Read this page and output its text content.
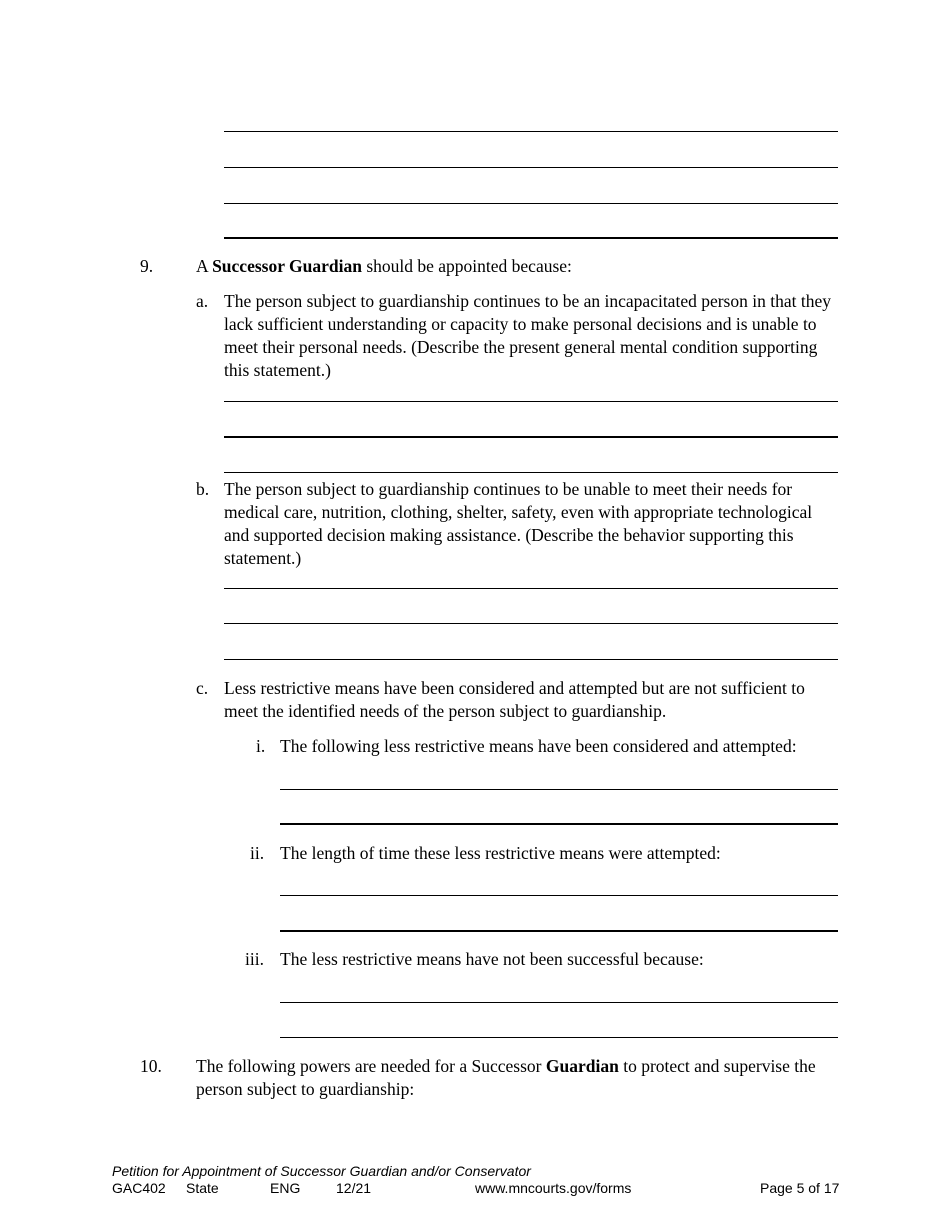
9. A Successor Guardian should be appointed because:
a. The person subject to guardianship continues to be an incapacitated person in that they lack sufficient understanding or capacity to make personal decisions and is unable to meet their personal needs. (Describe the present general mental condition supporting this statement.)
b. The person subject to guardianship continues to be unable to meet their needs for medical care, nutrition, clothing, shelter, safety, even with appropriate technological and supported decision making assistance. (Describe the behavior supporting this statement.)
c. Less restrictive means have been considered and attempted but are not sufficient to meet the identified needs of the person subject to guardianship.
i. The following less restrictive means have been considered and attempted:
ii. The length of time these less restrictive means were attempted:
iii. The less restrictive means have not been successful because:
10. The following powers are needed for a Successor Guardian to protect and supervise the person subject to guardianship:
Petition for Appointment of Successor Guardian and/or Conservator
GAC402 State	ENG	12/21	www.mncourts.gov/forms	Page 5 of 17
